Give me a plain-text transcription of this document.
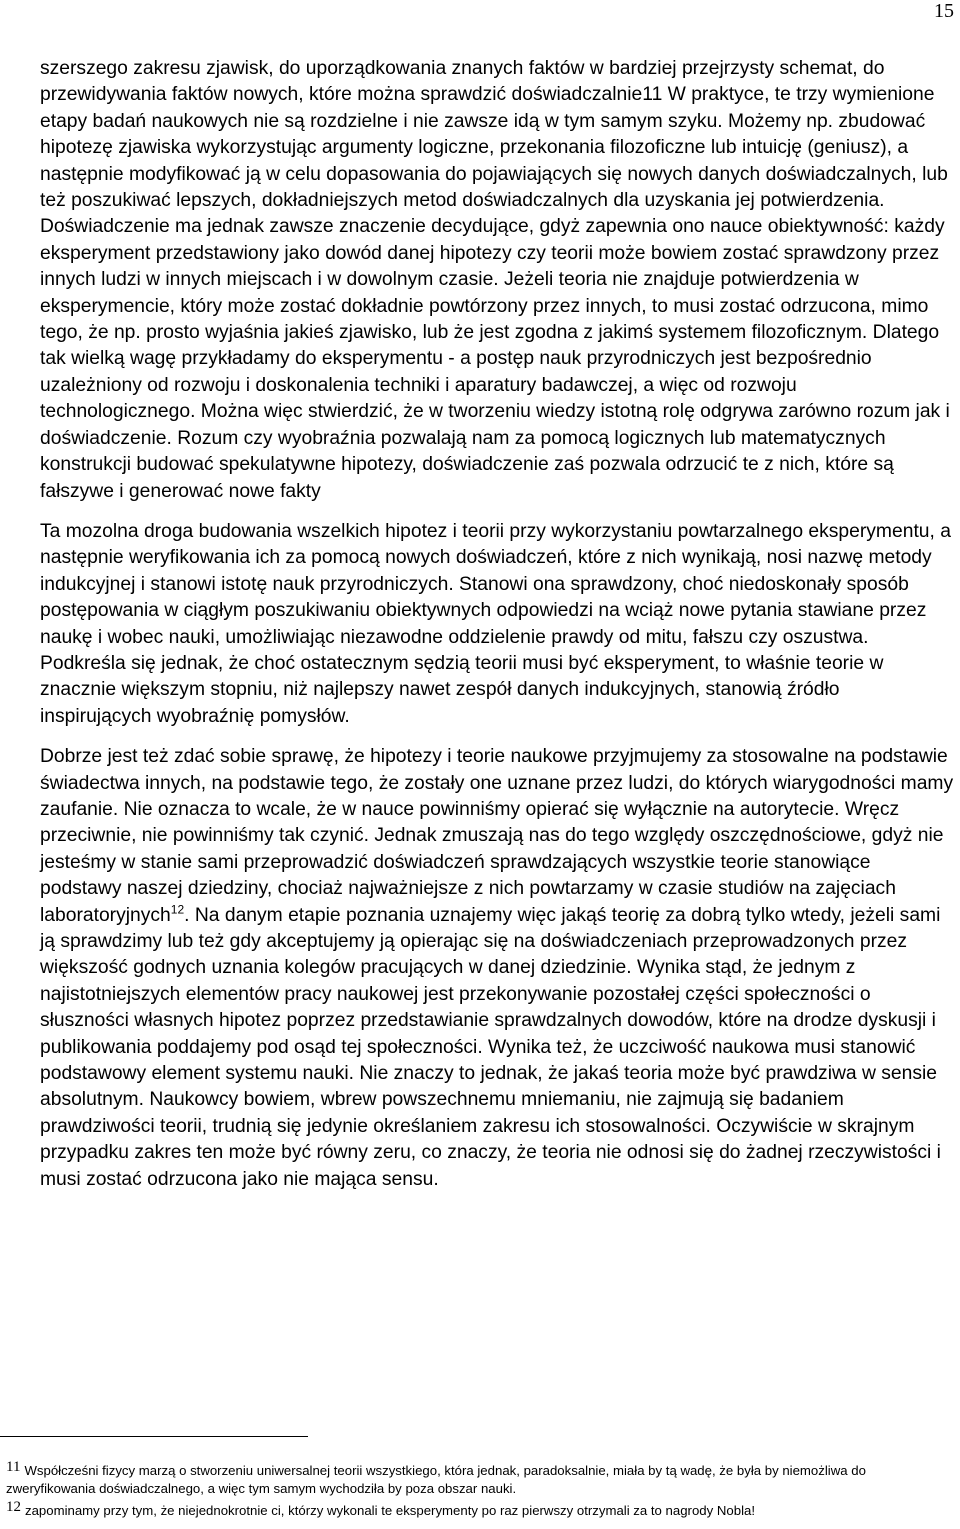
15

szerszego zakresu zjawisk, do uporządkowania znanych faktów w bardziej przejrzysty schemat, do przewidywania faktów nowych, które można sprawdzić doświadczalnie11 W praktyce, te trzy wymienione etapy badań naukowych nie są rozdzielne i nie zawsze idą w tym samym szyku. Możemy np. zbudować hipotezę zjawiska wykorzystując argumenty logiczne, przekonania filozoficzne lub intuicję (geniusz), a następnie modyfikować ją w celu dopasowania do pojawiających się nowych danych doświadczalnych, lub też poszukiwać lepszych, dokładniejszych metod doświadczalnych dla uzyskania jej potwierdzenia. Doświadczenie ma jednak zawsze znaczenie decydujące, gdyż zapewnia ono nauce obiektywność: każdy eksperyment przedstawiony jako dowód danej hipotezy czy teorii może bowiem zostać sprawdzony przez innych ludzi w innych miejscach i w dowolnym czasie. Jeżeli teoria nie znajduje potwierdzenia w eksperymencie, który może zostać dokładnie powtórzony przez innych, to musi zostać odrzucona, mimo tego, że np. prosto wyjaśnia jakieś zjawisko, lub że jest zgodna z jakimś systemem filozoficznym. Dlatego tak wielką wagę przykładamy do eksperymentu - a postęp nauk przyrodniczych jest bezpośrednio uzależniony od rozwoju i doskonalenia techniki i aparatury badawczej, a więc od rozwoju technologicznego. Można więc stwierdzić, że w tworzeniu wiedzy istotną rolę odgrywa zarówno rozum jak i doświadczenie. Rozum czy wyobraźnia pozwalają nam za pomocą logicznych lub matematycznych konstrukcji budować spekulatywne hipotezy, doświadczenie zaś pozwala odrzucić te z nich, które są fałszywe i generować nowe fakty

Ta mozolna droga budowania wszelkich hipotez i teorii przy wykorzystaniu powtarzalnego eksperymentu, a następnie weryfikowania ich za pomocą nowych doświadczeń, które z nich wynikają, nosi nazwę metody indukcyjnej i stanowi istotę nauk przyrodniczych. Stanowi ona sprawdzony, choć niedoskonały sposób postępowania w ciągłym poszukiwaniu obiektywnych odpowiedzi na wciąż nowe pytania stawiane przez naukę i wobec nauki, umożliwiając niezawodne oddzielenie prawdy od mitu, fałszu czy oszustwa. Podkreśla się jednak, że choć ostatecznym sędzią teorii musi być eksperyment, to właśnie teorie w znacznie większym stopniu, niż najlepszy nawet zespół danych indukcyjnych, stanowią źródło inspirujących wyobraźnię pomysłów.

Dobrze jest też zdać sobie sprawę, że hipotezy i teorie naukowe przyjmujemy za stosowalne na podstawie świadectwa innych, na podstawie tego, że zostały one uznane przez ludzi, do których wiarygodności mamy zaufanie. Nie oznacza to wcale, że w nauce powinniśmy opierać się wyłącznie na autorytecie. Wręcz przeciwnie, nie powinniśmy tak czynić. Jednak zmuszają nas do tego względy oszczędnościowe, gdyż nie jesteśmy w stanie sami przeprowadzić doświadczeń sprawdzających wszystkie teorie stanowiące podstawy naszej dziedziny, chociaż najważniejsze z nich powtarzamy w czasie studiów na zajęciach laboratoryjnych$^{12}$. Na danym etapie poznania uznajemy więc jakąś teorię za dobrą tylko wtedy, jeżeli sami ją sprawdzimy lub też gdy akceptujemy ją opierając się na doświadczeniach przeprowadzonych przez większość godnych uznania kolegów pracujących w danej dziedzinie. Wynika stąd, że jednym z najistotniejszych elementów pracy naukowej jest przekonywanie pozostałej części społeczności o słuszności własnych hipotez poprzez przedstawianie sprawdzalnych dowodów, które na drodze dyskusji i publikowania poddajemy pod osąd tej społeczności. Wynika też, że uczciwość naukowa musi stanowić podstawowy element systemu nauki. Nie znaczy to jednak, że jakaś teoria może być prawdziwa w sensie absolutnym. Naukowcy bowiem, wbrew powszechnemu mniemaniu, nie zajmują się badaniem prawdziwości teorii, trudnią się jedynie określaniem zakresu ich stosowalności. Oczywiście w skrajnym przypadku zakres ten może być równy zeru, co znaczy, że teoria nie odnosi się do żadnej rzeczywistości i musi zostać odrzucona jako nie mająca sensu.

11 Współcześni fizycy marzą o stworzeniu uniwersalnej teorii wszystkiego, która jednak, paradoksalnie, miała by tą wadę, że była by niemożliwa do zweryfikowania doświadczalnego, a więc tym samym wychodziła by poza obszar nauki.

12 zapominamy przy tym, że niejednokrotnie ci, którzy wykonali te eksperymenty po raz pierwszy otrzymali za to nagrody Nobla!
